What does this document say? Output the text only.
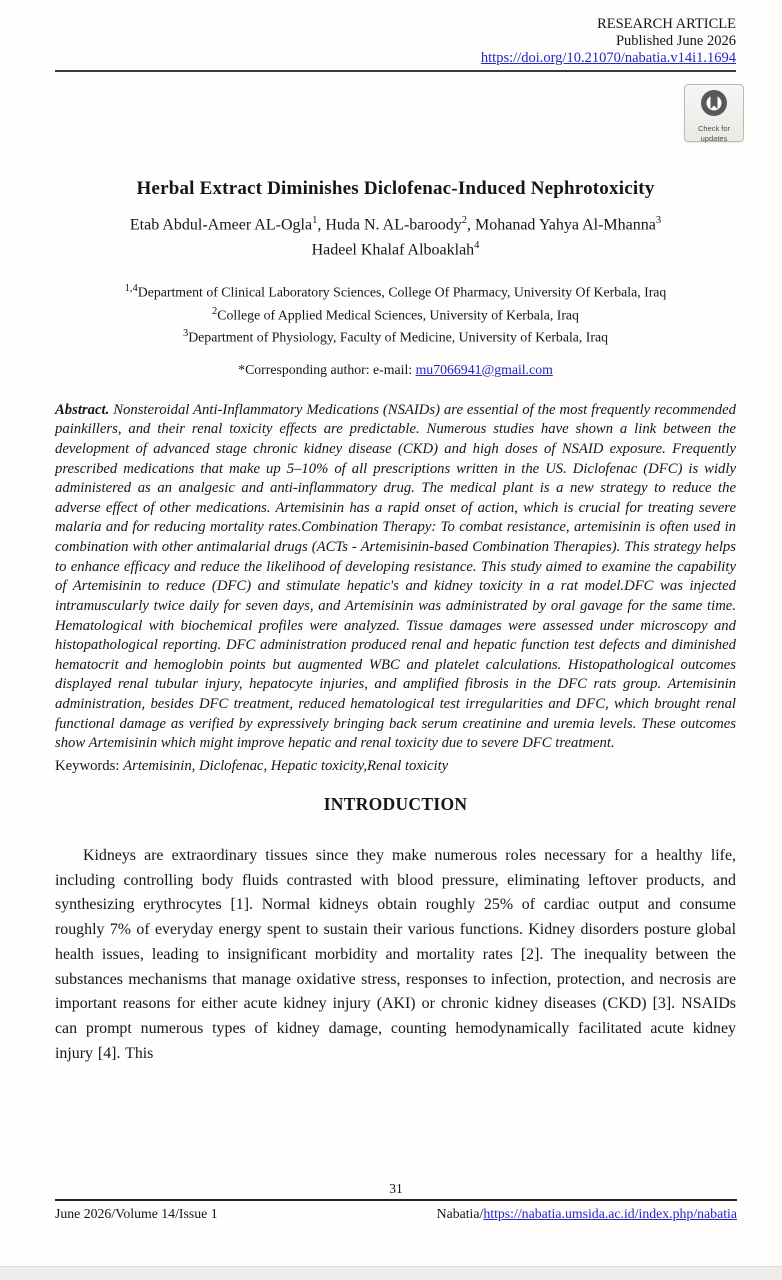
RESEARCH ARTICLE
Published June 2026
https://doi.org/10.21070/nabatia.v14i1.1694
Check for
updates
Herbal Extract Diminishes Diclofenac-Induced Nephrotoxicity
Etab Abdul-Ameer AL-Ogla$^1$, Huda N. AL-baroody$^2$, Mohanad Yahya Al-Mhanna$^3$
Hadeel Khalaf Alboaklah$^4$
$^{1,4}$Department of Clinical Laboratory Sciences, College Of Pharmacy, University Of Kerbala, Iraq
$^2$College of Applied Medical Sciences, University of Kerbala, Iraq
$^3$Department of Physiology, Faculty of Medicine, University of Kerbala, Iraq
*Corresponding author: e-mail: mu7066941@gmail.com

Abstract. Nonsteroidal Anti-Inflammatory Medications (NSAIDs) are essential of the most frequently recommended painkillers, and their renal toxicity effects are predictable. Numerous studies have shown a link between the development of advanced stage chronic kidney disease (CKD) and high doses of NSAID exposure. Frequently prescribed medications that make up 5–10% of all prescriptions written in the US. Diclofenac (DFC) is widly administered as an analgesic and anti-inflammatory drug. The medical plant is a new strategy to reduce the adverse effect of other medications. Artemisinin has a rapid onset of action, which is crucial for treating severe malaria and for reducing mortality rates.Combination Therapy: To combat resistance, artemisinin is often used in combination with other antimalarial drugs (ACTs - Artemisinin-based Combination Therapies). This strategy helps to enhance efficacy and reduce the likelihood of developing resistance. This study aimed to examine the capability of Artemisinin to reduce (DFC) and stimulate hepatic's and kidney toxicity in a rat model.DFC was injected intramuscularly twice daily for seven days, and Artemisinin was administrated by oral gavage for the same time. Hematological with biochemical profiles were analyzed. Tissue damages were assessed under microscopy and histopathological reporting. DFC administration produced renal and hepatic function test defects and diminished hematocrit and hemoglobin points but augmented WBC and platelet calculations. Histopathological outcomes displayed renal tubular injury, hepatocyte injuries, and amplified fibrosis in the DFC rats group. Artemisinin administration, besides DFC treatment, reduced hematological test irregularities and DFC, which brought renal functional damage as verified by expressively bringing back serum creatinine and uremia levels. These outcomes show Artemisinin which might improve hepatic and renal toxicity due to severe DFC treatment.

Keywords: Artemisinin, Diclofenac, Hepatic toxicity,Renal toxicity

INTRODUCTION

Kidneys are extraordinary tissues since they make numerous roles necessary for a healthy life, including controlling body fluids contrasted with blood pressure, eliminating leftover products, and synthesizing erythrocytes [1]. Normal kidneys obtain roughly 25% of cardiac output and consume roughly 7% of everyday energy spent to sustain their various functions. Kidney disorders posture global health issues, leading to insignificant morbidity and mortality rates [2]. The inequality between the substances mechanisms that manage oxidative stress, responses to infection, protection, and necrosis are important reasons for either acute kidney injury (AKI) or chronic kidney diseases (CKD) [3]. NSAIDs can prompt numerous types of kidney damage, counting hemodynamically facilitated acute kidney injury [4]. This

31
June 2026/Volume 14/Issue 1	Nabatia/https://nabatia.umsida.ac.id/index.php/nabatia
